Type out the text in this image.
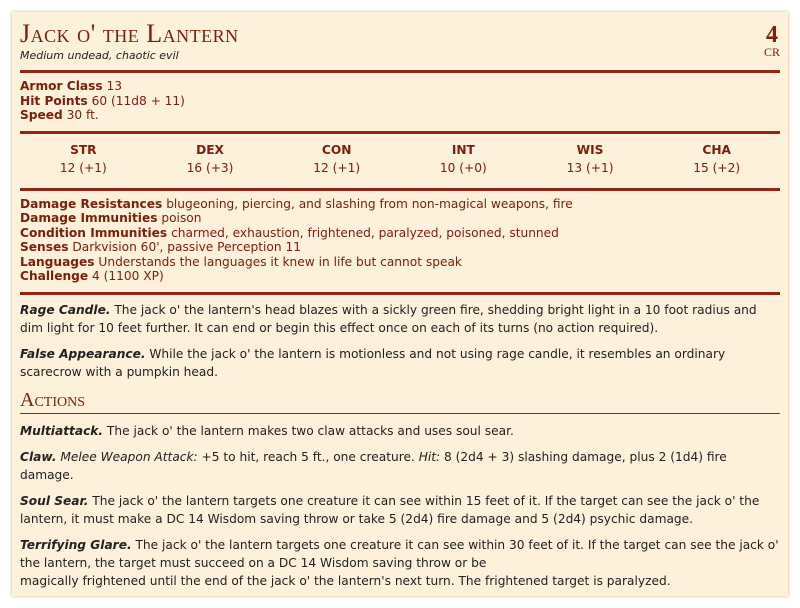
4
CR
Jack o' the Lantern
Medium undead, chaotic evil
Armor Class 13
Hit Points 60 (11d8 + 11)
Speed 30 ft.
STR
12 (+1)
DEX
16 (+3)
CON
12 (+1)
INT
10 (+0)
WIS
13 (+1)
CHA
15 (+2)
Damage Resistances blugeoning, piercing, and slashing from non-magical weapons, fire
Damage Immunities poison
Condition Immunities charmed, exhaustion, frightened, paralyzed, poisoned, stunned
Senses Darkvision 60', passive Perception 11
Languages Understands the languages it knew in life but cannot speak
Challenge 4 (1100 XP)

Rage Candle. The jack o' the lantern's head blazes with a sickly green fire, shedding bright light in a 10 foot radius and dim light for 10 feet further. It can end or begin this effect once on each of its turns (no action required).

False Appearance. While the jack o' the lantern is motionless and not using rage candle, it resembles an ordinary scarecrow with a pumpkin head.

Actions

Multiattack. The jack o' the lantern makes two claw attacks and uses soul sear.

Claw. Melee Weapon Attack: +5 to hit, reach 5 ft., one creature. Hit: 8 (2d4 + 3) slashing damage, plus 2 (1d4) fire damage.

Soul Sear. The jack o' the lantern targets one creature it can see within 15 feet of it. If the target can see the jack o' the lantern, it must make a DC 14 Wisdom saving throw or take 5 (2d4) fire damage and 5 (2d4) psychic damage.

Terrifying Glare. The jack o' the lantern targets one creature it can see within 30 feet of it. If the target can see the jack o' the lantern, the target must succeed on a DC 14 Wisdom saving throw or be
magically frightened until the end of the jack o' the lantern's next turn. The frightened target is paralyzed.
